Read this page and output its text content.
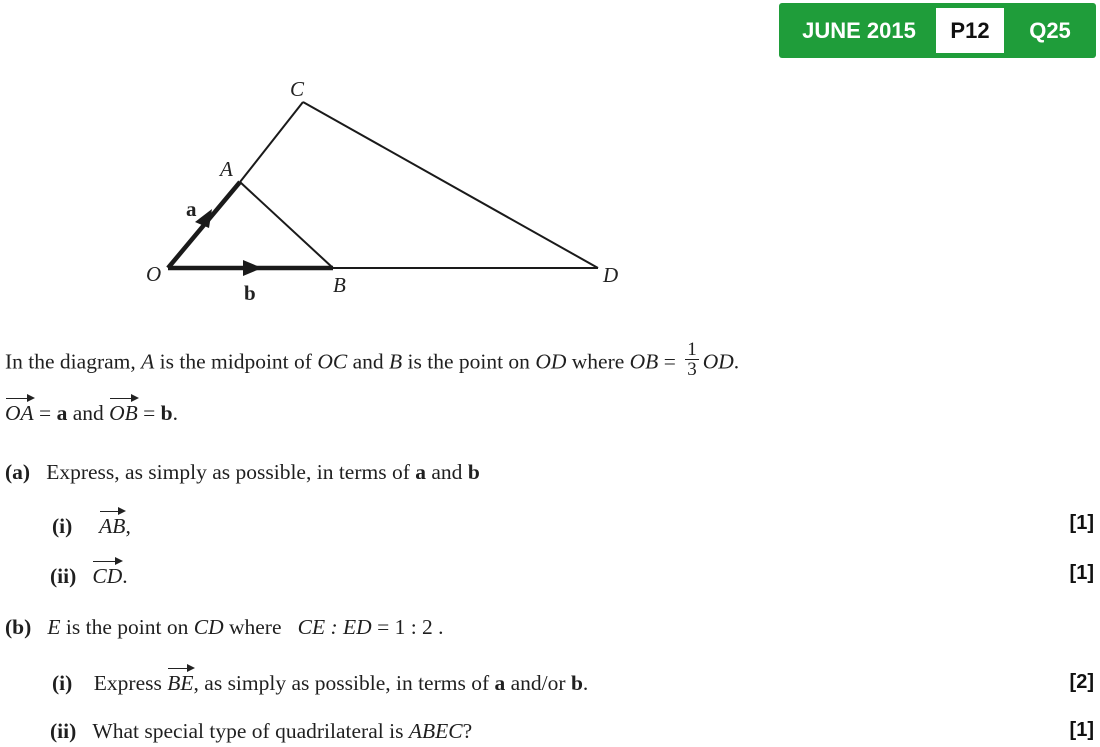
JUNE 2015	P12	Q25
O
A
B
C
D
a
b
In the diagram, A is the midpoint of OC and B is the point on OD where OB = $\frac{1}{3}$ OD.
OA = a and OB = b.
(a) Express, as simply as possible, in terms of a and b
(i) AB,	[1]
(ii) CD.	[1]
(b) E is the point on CD where   CE : ED = 1 : 2 .
(i) Express BE, as simply as possible, in terms of a and/or b.	[2]
(ii) What special type of quadrilateral is ABEC?	[1]
